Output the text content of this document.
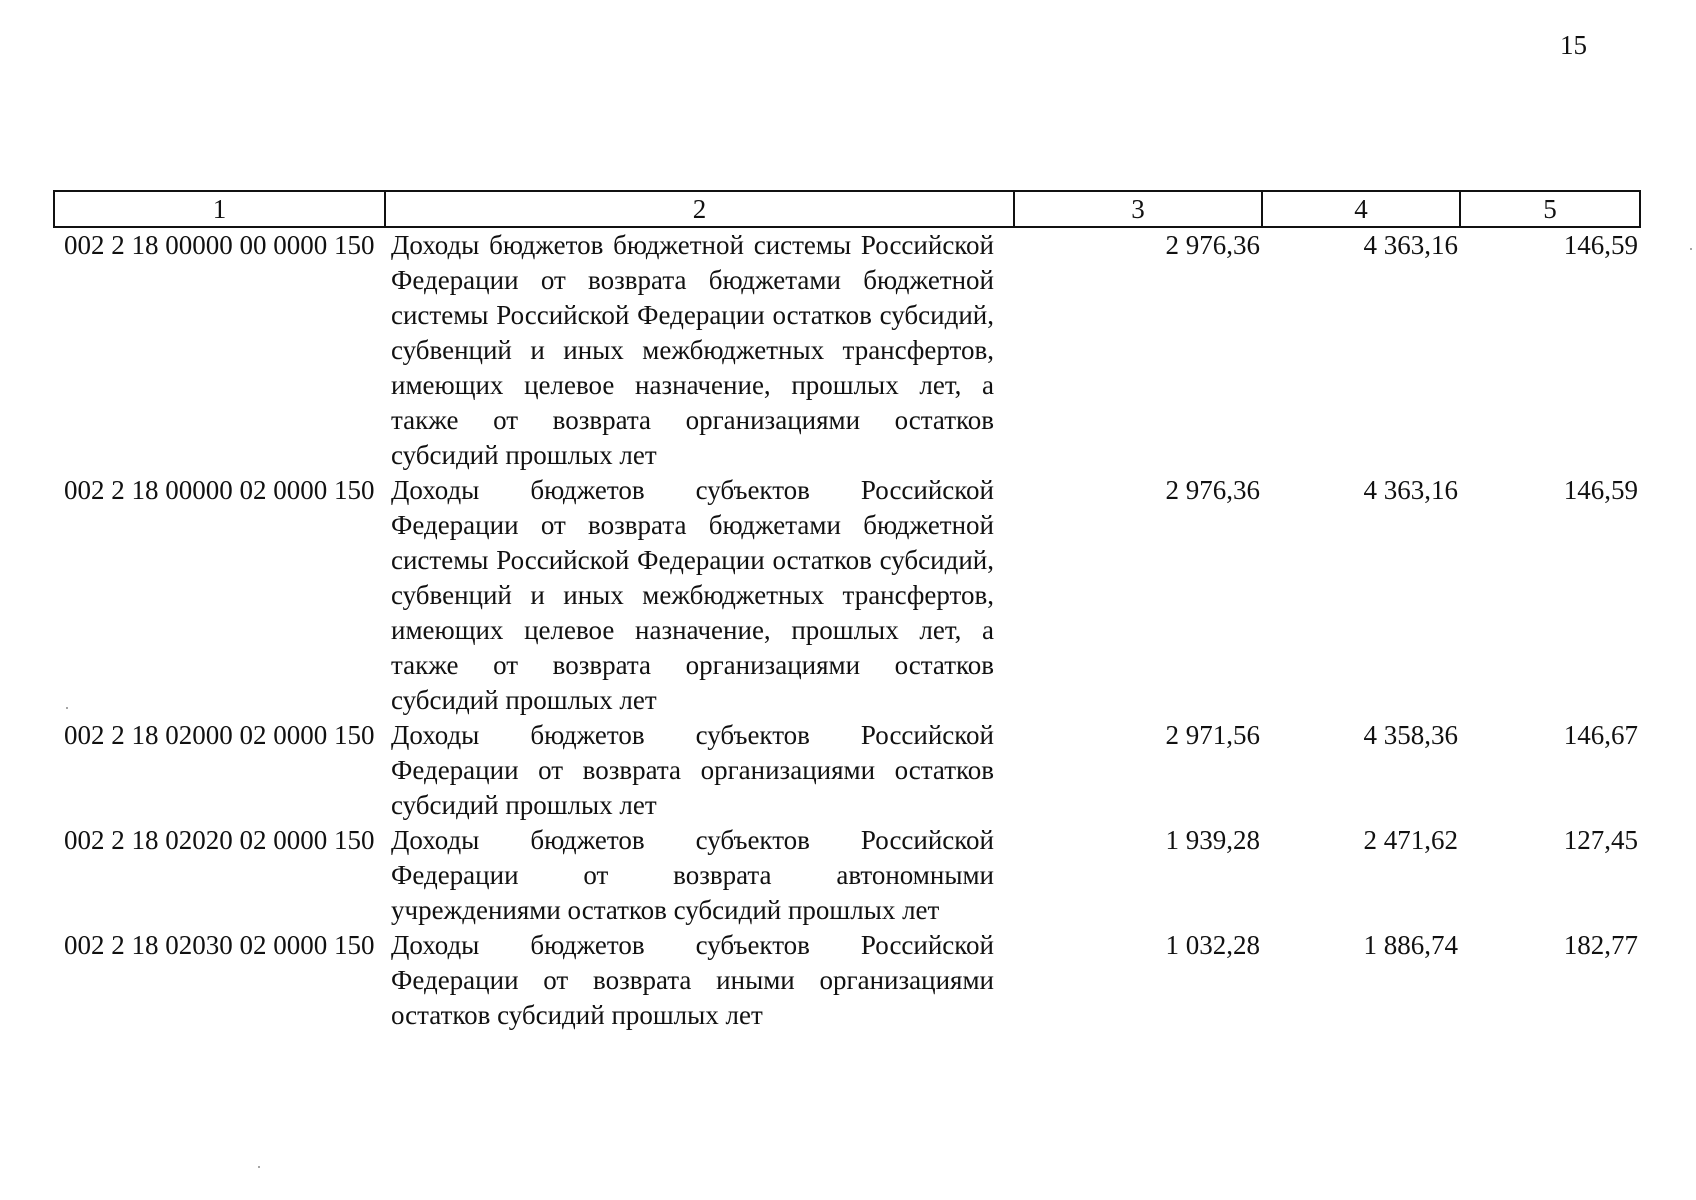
15
1	2	3	4	5
002 2 18 00000 00 0000 150	Доходы бюджетов бюджетной системы Российской Федерации от возврата бюджетами бюджетной системы Российской Федерации остатков субсидий, субвенций и иных межбюджетных трансфертов, имеющих целевое назначение, прошлых лет, а также от возврата организациями остатков субсидий прошлых лет	2 976,36	4 363,16	146,59
002 2 18 00000 02 0000 150	Доходы бюджетов субъектов Российской Федерации от возврата бюджетами бюджетной системы Российской Федерации остатков субсидий, субвенций и иных межбюджетных трансфертов, имеющих целевое назначение, прошлых лет, а также от возврата организациями остатков субсидий прошлых лет	2 976,36	4 363,16	146,59
002 2 18 02000 02 0000 150	Доходы бюджетов субъектов Российской Федерации от возврата организациями остатков субсидий прошлых лет	2 971,56	4 358,36	146,67
002 2 18 02020 02 0000 150	Доходы бюджетов субъектов Российской Федерации от возврата автономными учреждениями остатков субсидий прошлых лет	1 939,28	2 471,62	127,45
002 2 18 02030 02 0000 150	Доходы бюджетов субъектов Российской Федерации от возврата иными организациями остатков субсидий прошлых лет	1 032,28	1 886,74	182,77
